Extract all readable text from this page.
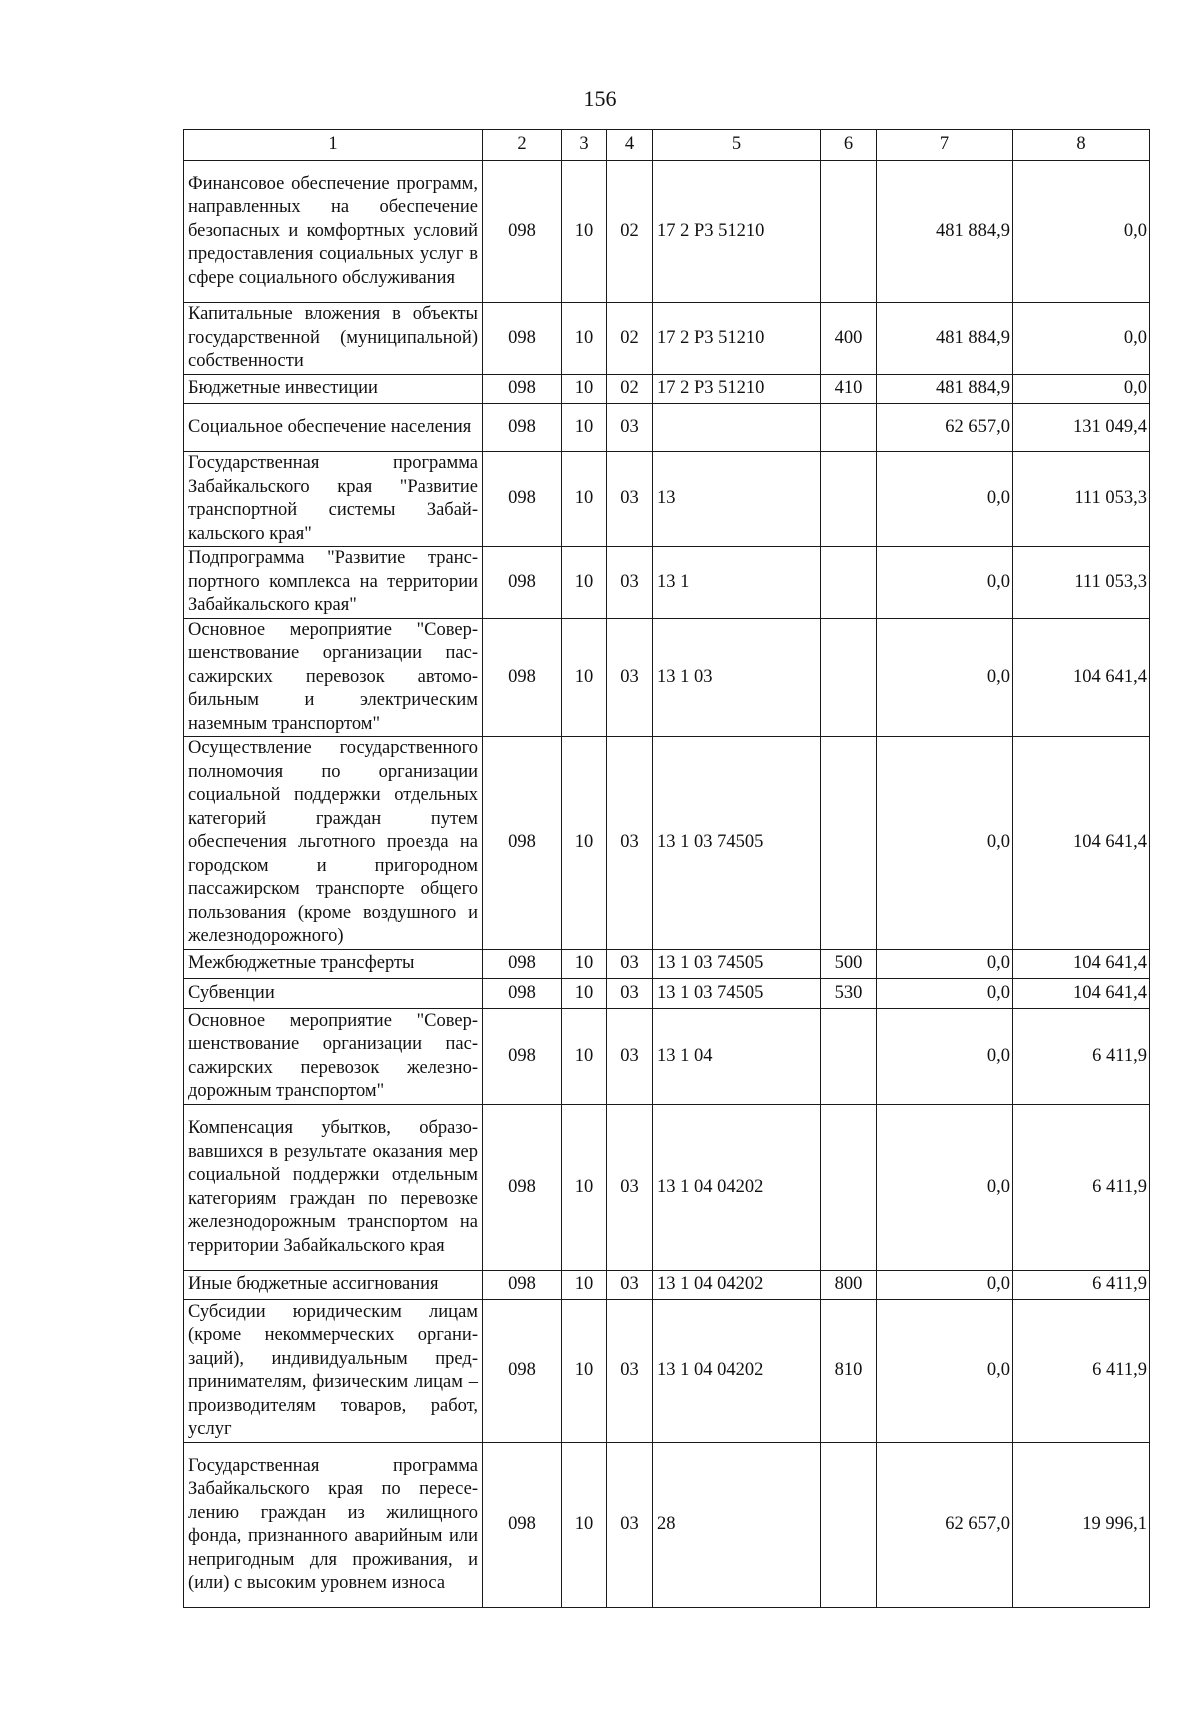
156
1	2	3	4	5	6	7	8
Финансовое обеспечение программ, направленных на обеспечение безопасных и комфортных условий предоставления социальных услуг в сфере социального обслуживания	098	10	02	17 2 P3 51210		481 884,9	0,0
Капитальные вложения в объекты государственной (муниципальной) собственности	098	10	02	17 2 P3 51210	400	481 884,9	0,0
Бюджетные инвестиции	098	10	02	17 2 P3 51210	410	481 884,9	0,0
Социальное обеспечение населения	098	10	03			62 657,0	131 049,4
Государственная программа Забайкальского края "Развитие транспортной системы Забайкальского края"	098	10	03	13		0,0	111 053,3
Подпрограмма "Развитие транспортного комплекса на территории Забайкальского края"	098	10	03	13 1		0,0	111 053,3
Основное мероприятие "Совершенствование организации пассажирских перевозок автомобильным и электрическим наземным транспортом"	098	10	03	13 1 03		0,0	104 641,4
Осуществление государственного полномочия по организации социальной поддержки отдельных категорий граждан путем обеспечения льготного проезда на городском и пригородном пассажирском транспорте общего пользования (кроме воздушного и железнодорожного)	098	10	03	13 1 03 74505		0,0	104 641,4
Межбюджетные трансферты	098	10	03	13 1 03 74505	500	0,0	104 641,4
Субвенции	098	10	03	13 1 03 74505	530	0,0	104 641,4
Основное мероприятие "Совершенствование организации пассажирских перевозок железнодорожным транспортом"	098	10	03	13 1 04		0,0	6 411,9
Компенсация убытков, образовавшихся в результате оказания мер социальной поддержки отдельным категориям граждан по перевозке железнодорожным транспортом на территории Забайкальского края	098	10	03	13 1 04 04202		0,0	6 411,9
Иные бюджетные ассигнования	098	10	03	13 1 04 04202	800	0,0	6 411,9
Субсидии юридическим лицам (кроме некоммерческих организаций), индивидуальным предпринимателям, физическим лицам – производителям товаров, работ, услуг	098	10	03	13 1 04 04202	810	0,0	6 411,9
Государственная программа Забайкальского края по переселению граждан из жилищного фонда, признанного аварийным или непригодным для проживания, и (или) с высоким уровнем износа	098	10	03	28		62 657,0	19 996,1
